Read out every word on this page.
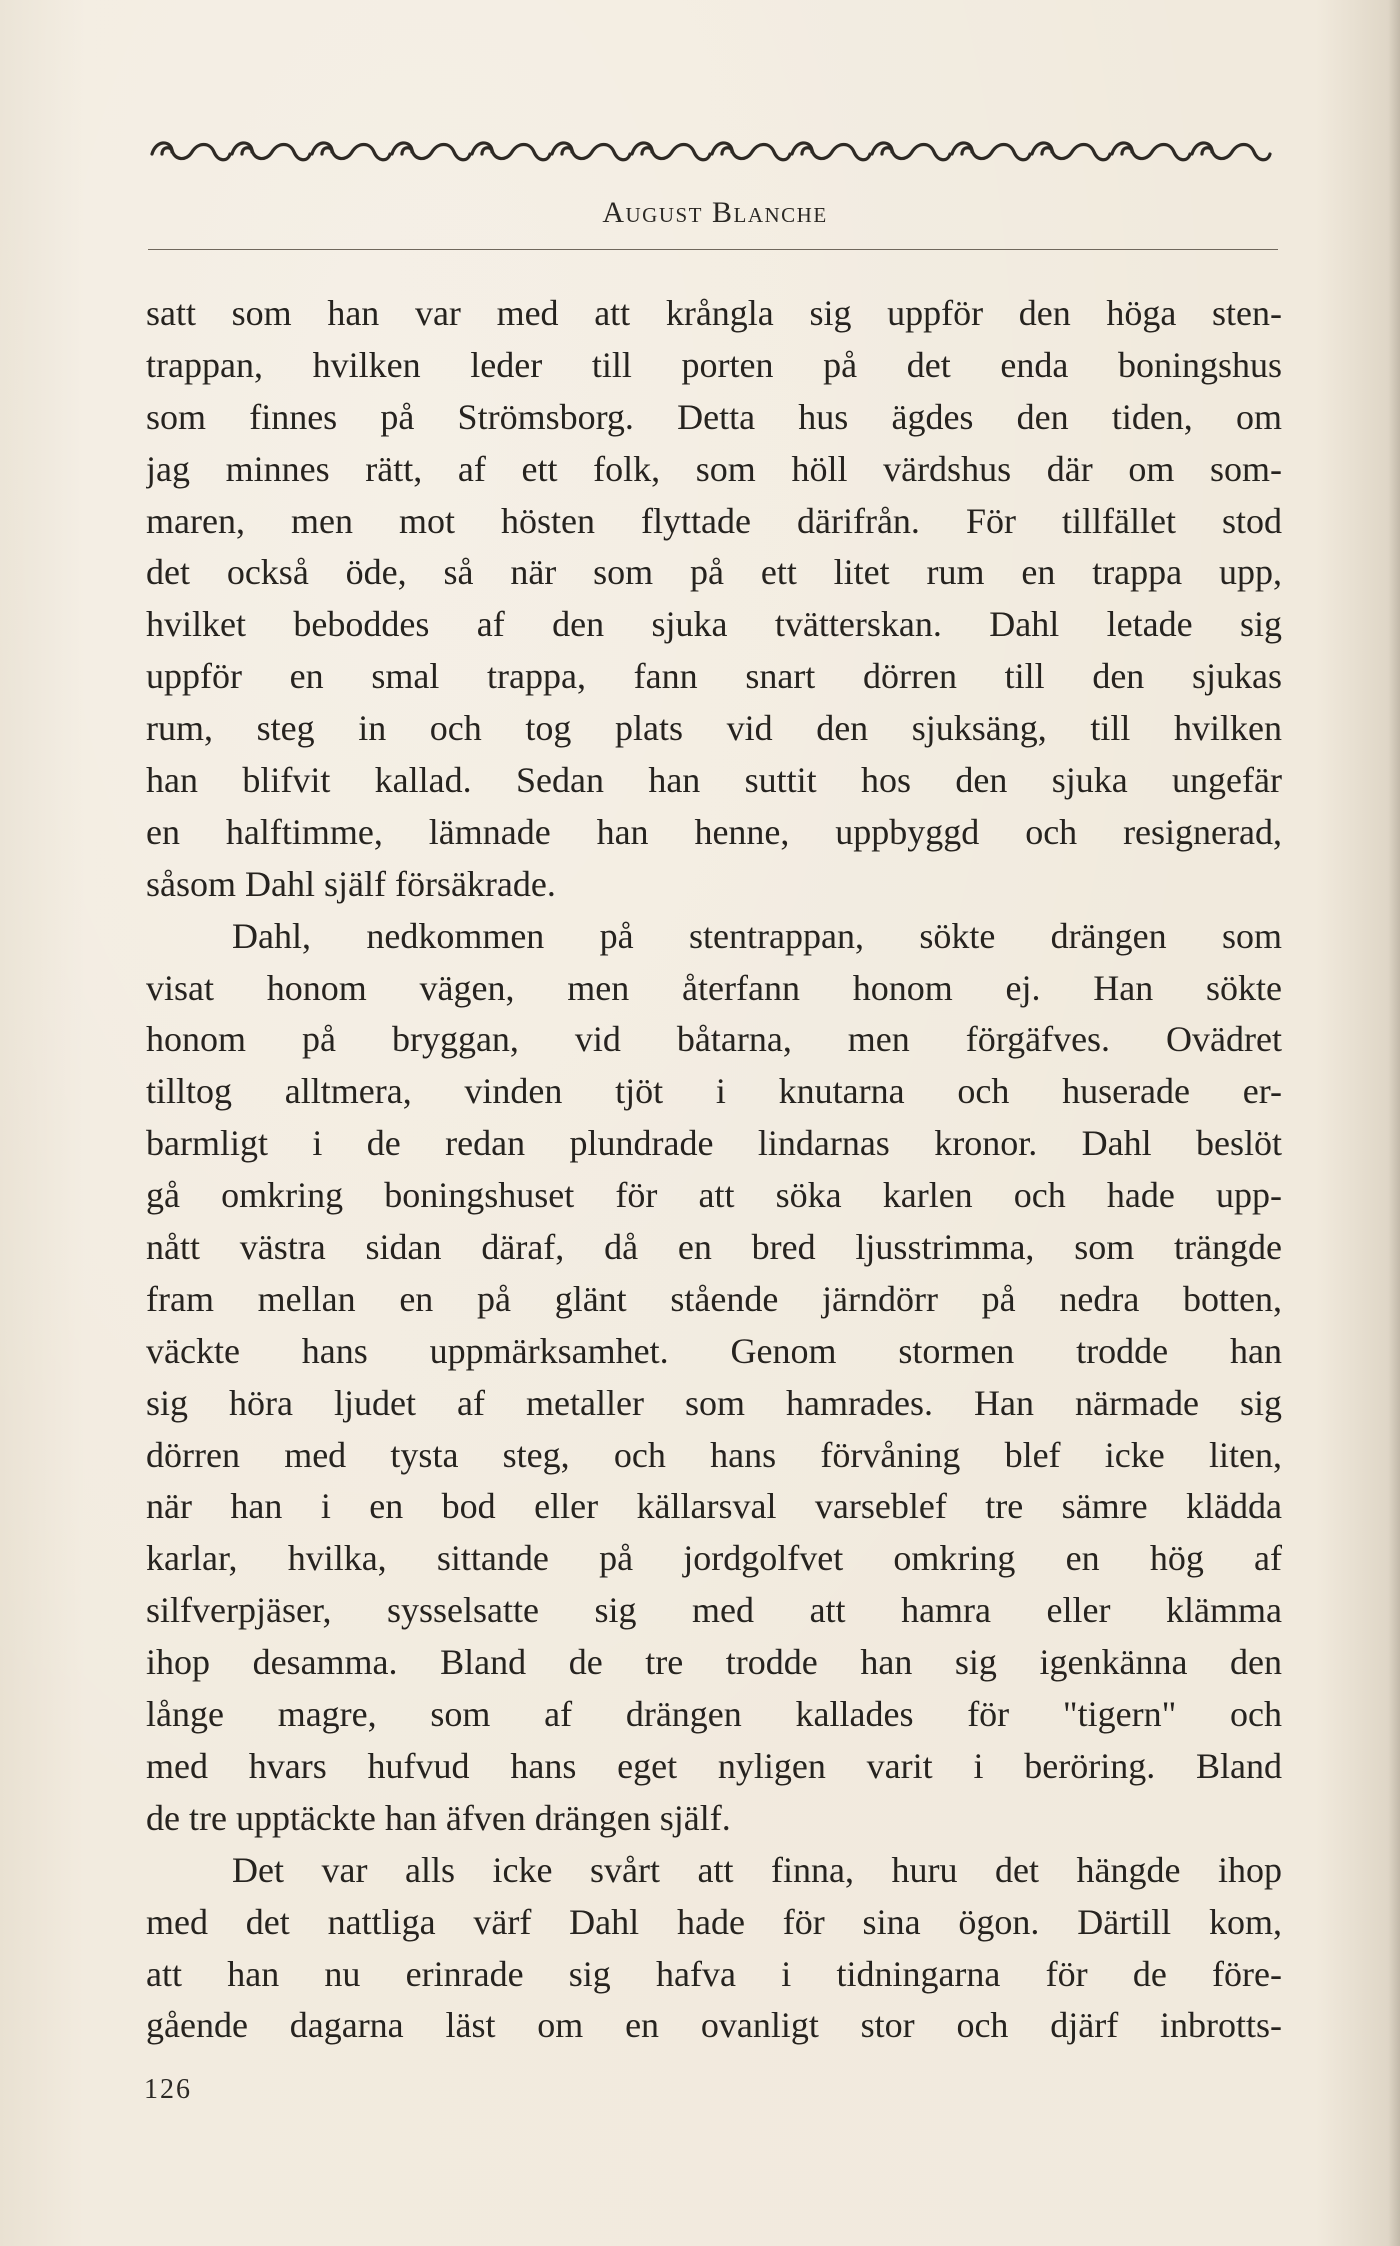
August Blanche
satt som han var med att krångla sig uppför den höga sten-
trappan, hvilken leder till porten på det enda boningshus
som finnes på Strömsborg. Detta hus ägdes den tiden, om
jag minnes rätt, af ett folk, som höll värdshus där om som-
maren, men mot hösten flyttade därifrån. För tillfället stod
det också öde, så när som på ett litet rum en trappa upp,
hvilket beboddes af den sjuka tvätterskan. Dahl letade sig
uppför en smal trappa, fann snart dörren till den sjukas
rum, steg in och tog plats vid den sjuksäng, till hvilken
han blifvit kallad. Sedan han suttit hos den sjuka ungefär
en halftimme, lämnade han henne, uppbyggd och resignerad,
såsom Dahl själf försäkrade.
Dahl, nedkommen på stentrappan, sökte drängen som
visat honom vägen, men återfann honom ej. Han sökte
honom på bryggan, vid båtarna, men förgäfves. Ovädret
tilltog alltmera, vinden tjöt i knutarna och huserade er-
barmligt i de redan plundrade lindarnas kronor. Dahl beslöt
gå omkring boningshuset för att söka karlen och hade upp-
nått västra sidan däraf, då en bred ljusstrimma, som trängde
fram mellan en på glänt stående järndörr på nedra botten,
väckte hans uppmärksamhet. Genom stormen trodde han
sig höra ljudet af metaller som hamrades. Han närmade sig
dörren med tysta steg, och hans förvåning blef icke liten,
när han i en bod eller källarsval varseblef tre sämre klädda
karlar, hvilka, sittande på jordgolfvet omkring en hög af
silfverpjäser, sysselsatte sig med att hamra eller klämma
ihop desamma. Bland de tre trodde han sig igenkänna den
långe magre, som af drängen kallades för "tigern" och
med hvars hufvud hans eget nyligen varit i beröring. Bland
de tre upptäckte han äfven drängen själf.
Det var alls icke svårt att finna, huru det hängde ihop
med det nattliga värf Dahl hade för sina ögon. Därtill kom,
att han nu erinrade sig hafva i tidningarna för de före-
gående dagarna läst om en ovanligt stor och djärf inbrotts-
126
